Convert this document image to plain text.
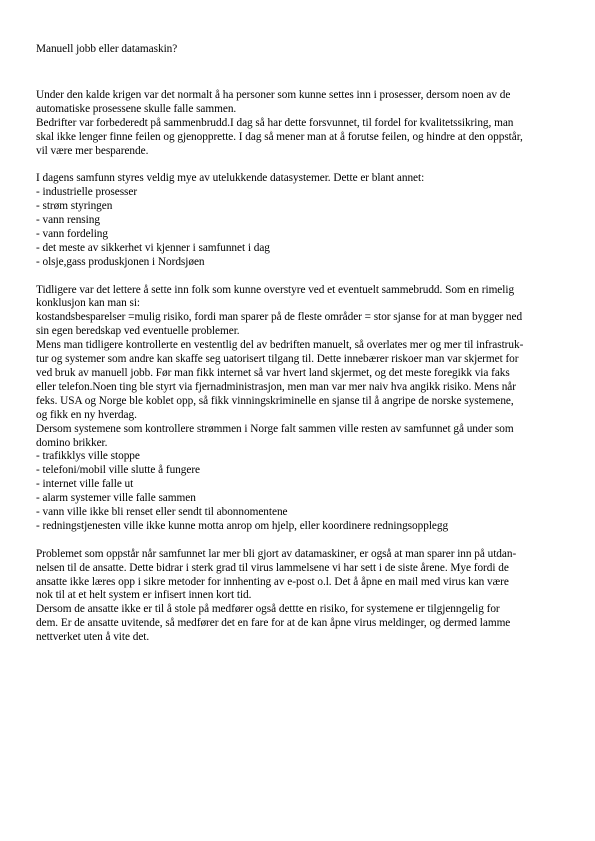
Manuell jobb eller datamaskin?
Under den kalde krigen var det normalt å ha personer som kunne settes inn i prosesser, dersom noen av de
automatiske prosessene skulle falle sammen.
Bedrifter var forbederedt på sammenbrudd.I dag så har dette forsvunnet, til fordel for kvalitetssikring, man
skal ikke lenger finne feilen og gjenopprette. I dag så mener man at å forutse feilen, og hindre at den oppstår,
vil være mer besparende.
I dagens samfunn styres veldig mye av utelukkende datasystemer. Dette er blant annet:
- industrielle prosesser
- strøm styringen
- vann rensing
- vann fordeling
- det meste av sikkerhet vi kjenner i samfunnet i dag
- olsje,gass produskjonen i Nordsjøen
Tidligere var det lettere å sette inn folk som kunne overstyre ved et eventuelt sammebrudd. Som en rimelig
konklusjon kan man si:
kostandsbesparelser =mulig risiko, fordi man sparer på de fleste områder = stor sjanse for at man bygger ned
sin egen beredskap ved eventuelle problemer.
Mens man tidligere kontrollerte en vestentlig del av bedriften manuelt, så overlates mer og mer til infrastruk-
tur og systemer som andre kan skaffe seg uatorisert tilgang til. Dette innebærer riskoer man var skjermet for
ved bruk av manuell jobb. Før man fikk internet så var hvert land skjermet, og det meste foregikk via faks
eller telefon.Noen ting ble styrt via fjernadministrasjon, men man var mer naiv hva angikk risiko. Mens når
feks. USA og Norge ble koblet opp, så fikk vinningskriminelle en sjanse til å angripe de norske systemene,
og fikk en ny hverdag.
Dersom systemene som kontrollere strømmen i Norge falt sammen ville resten av samfunnet gå under som
domino brikker.
- trafikklys ville stoppe
- telefoni/mobil ville slutte å fungere
- internet ville falle ut
- alarm systemer ville falle sammen
- vann ville ikke bli renset eller sendt til abonnomentene
- redningstjenesten ville ikke kunne motta anrop om hjelp, eller koordinere redningsopplegg
Problemet som oppstår når samfunnet lar mer bli gjort av datamaskiner, er også at man sparer inn på utdan-
nelsen til de ansatte. Dette bidrar i sterk grad til virus lammelsene vi har sett i de siste årene. Mye fordi de
ansatte ikke læres opp i sikre metoder for innhenting av e-post o.l. Det å åpne en mail med virus kan være
nok til at et helt system er infisert innen kort tid.
Dersom de ansatte ikke er til å stole på medfører også dettte en risiko, for systemene er tilgjenngelig for
dem. Er de ansatte uvitende, så medfører det en fare for at de kan åpne virus meldinger, og dermed lamme
nettverket uten å vite det.
